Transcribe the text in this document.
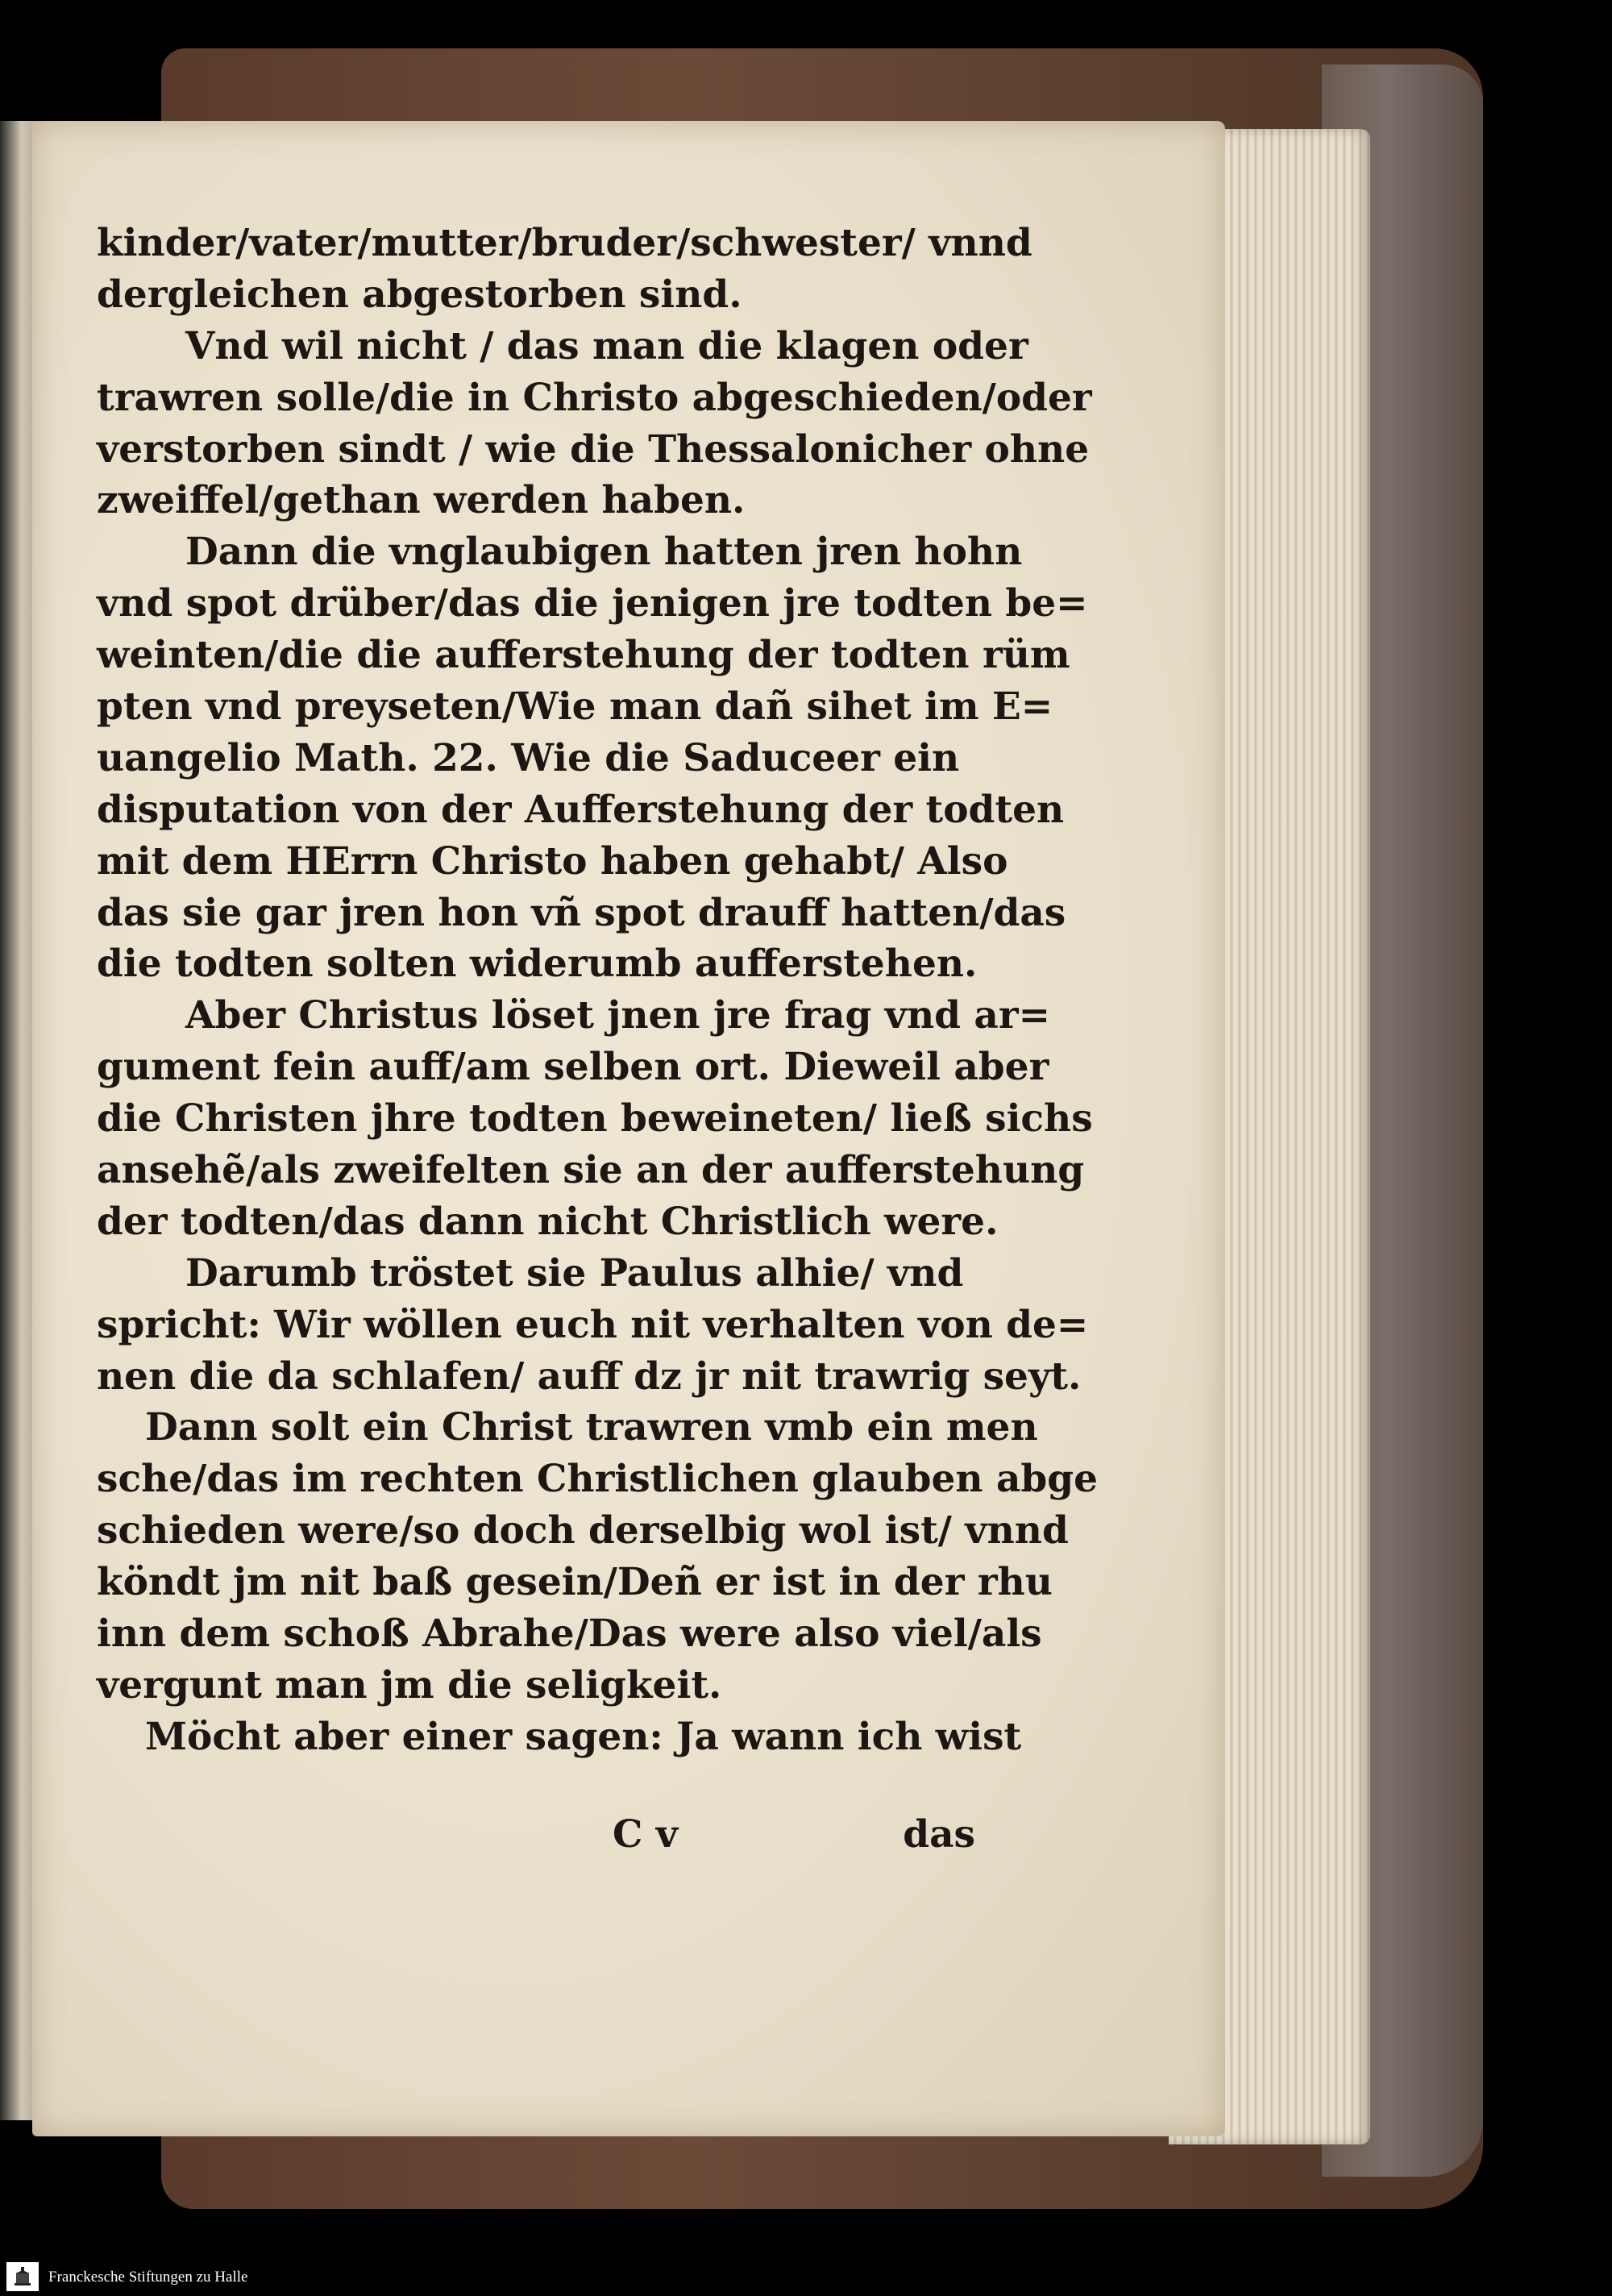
kinder/vater/mutter/bruder/schwester/ vnnd
dergleichen abgestorben sind.
Vnd wil nicht / das man die klagen oder
trawren solle/die in Christo abgeschieden/oder
verstorben sindt / wie die Thessalonicher ohne
zweiffel/gethan werden haben.
Dann die vnglaubigen hatten jren hohn
vnd spot drüber/das die jenigen jre todten be=
weinten/die die aufferstehung der todten rüm
pten vnd preyseten/Wie man dañ sihet im E=
uangelio Math. 22. Wie die Saduceer ein
disputation von der Aufferstehung der todten
mit dem HErrn Christo haben gehabt/ Also
das sie gar jren hon vñ spot drauff hatten/das
die todten solten widerumb aufferstehen.
Aber Christus löset jnen jre frag vnd ar=
gument fein auff/am selben ort. Dieweil aber
die Christen jhre todten beweineten/ ließ sichs
ansehẽ/als zweifelten sie an der aufferstehung
der todten/das dann nicht Christlich were.
Darumb tröstet sie Paulus alhie/ vnd
spricht: Wir wöllen euch nit verhalten von de=
nen die da schlafen/ auff dz jr nit trawrig seyt.
Dann solt ein Christ trawren vmb ein men
sche/das im rechten Christlichen glauben abge
schieden were/so doch derselbig wol ist/ vnnd
köndt jm nit baß gesein/Deñ er ist in der rhu
inn dem schoß Abrahe/Das were also viel/als
vergunt man jm die seligkeit.
Möcht aber einer sagen: Ja wann ich wist
C v	das
Franckesche Stiftungen zu Halle
